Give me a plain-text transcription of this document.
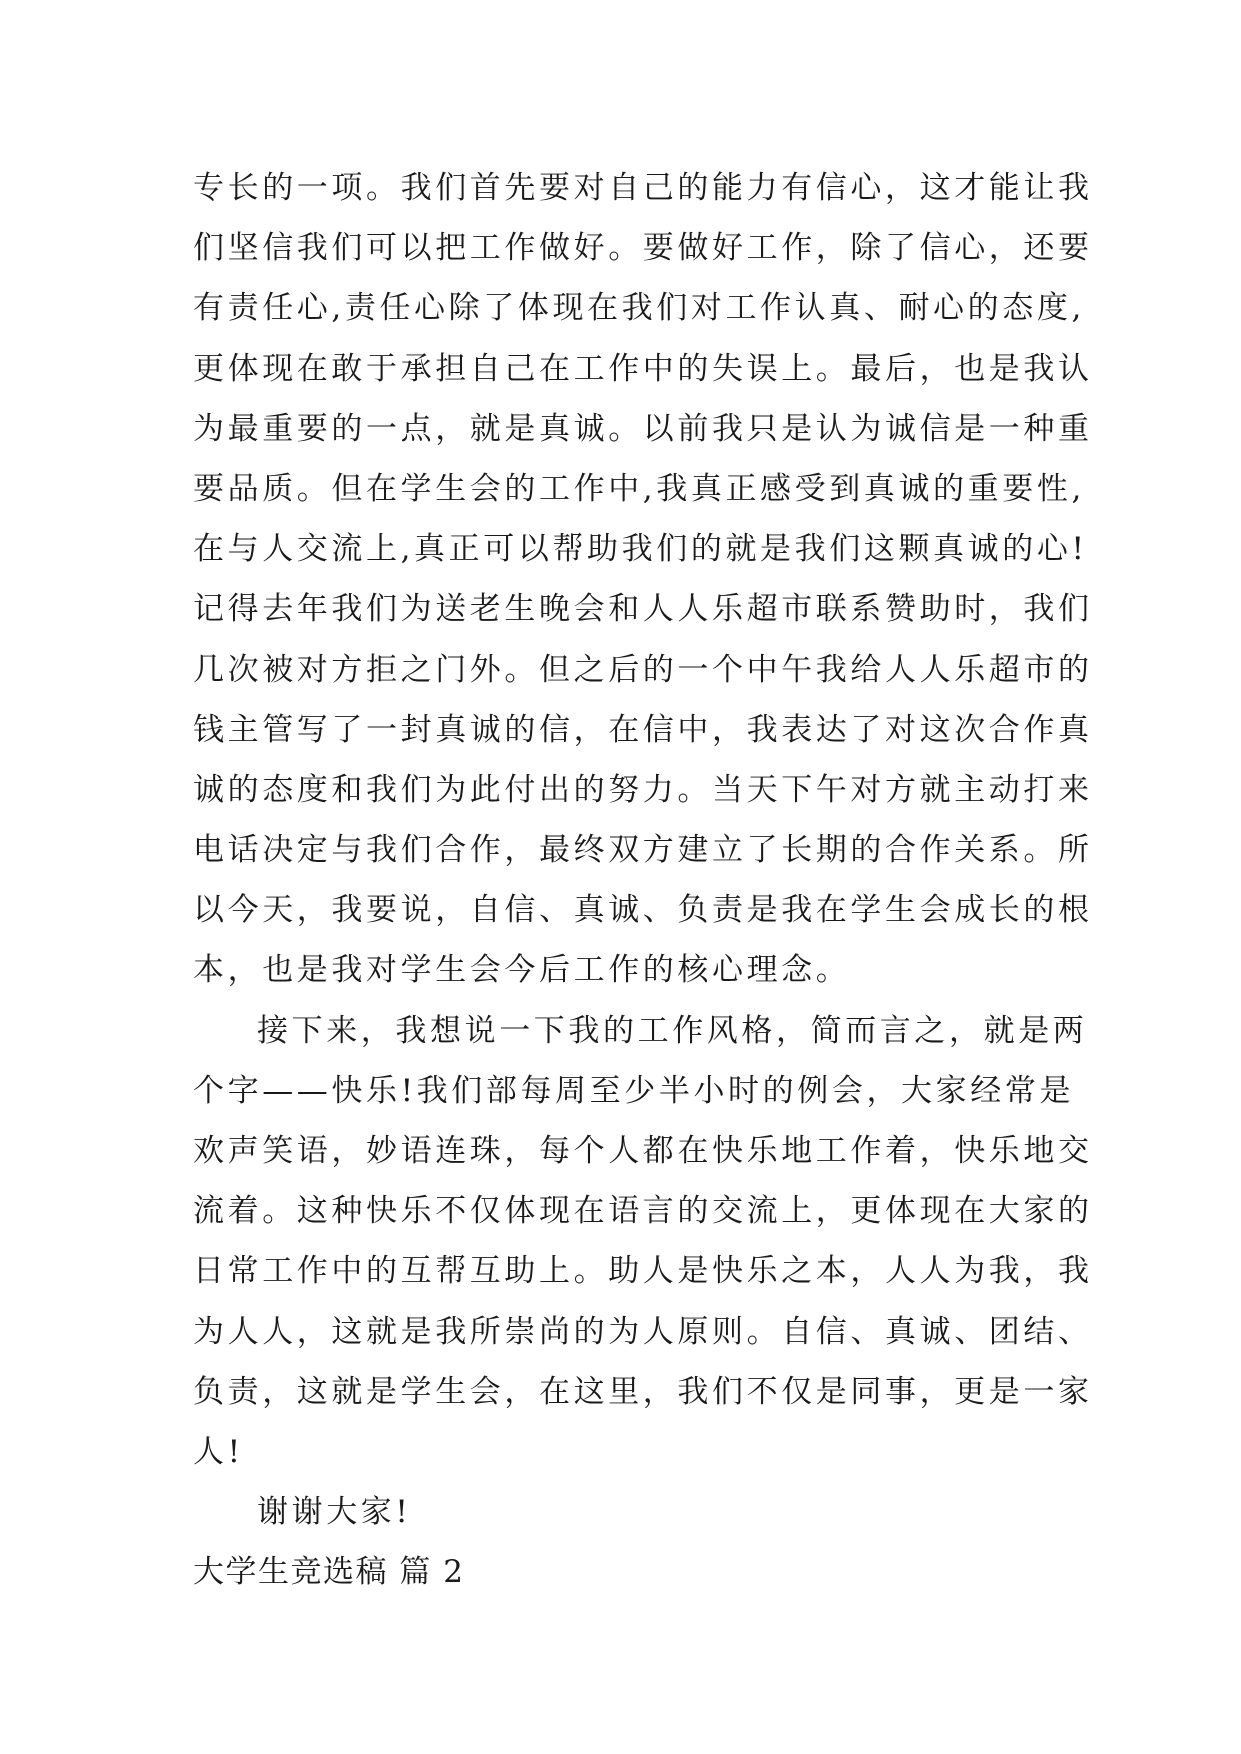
专长的一项。我们首先要对自己的能力有信心，这才能让我
们坚信我们可以把工作做好。要做好工作，除了信心，还要
有责任心,责任心除了体现在我们对工作认真、耐心的态度,
更体现在敢于承担自己在工作中的失误上。最后，也是我认
为最重要的一点，就是真诚。以前我只是认为诚信是一种重
要品质。但在学生会的工作中,我真正感受到真诚的重要性,
在与人交流上,真正可以帮助我们的就是我们这颗真诚的心!
记得去年我们为送老生晚会和人人乐超市联系赞助时，我们
几次被对方拒之门外。但之后的一个中午我给人人乐超市的
钱主管写了一封真诚的信，在信中，我表达了对这次合作真
诚的态度和我们为此付出的努力。当天下午对方就主动打来
电话决定与我们合作，最终双方建立了长期的合作关系。所
以今天，我要说，自信、真诚、负责是我在学生会成长的根
本，也是我对学生会今后工作的核心理念。
接下来，我想说一下我的工作风格，简而言之，就是两
个字——快乐!我们部每周至少半小时的例会，大家经常是
欢声笑语，妙语连珠，每个人都在快乐地工作着，快乐地交
流着。这种快乐不仅体现在语言的交流上，更体现在大家的
日常工作中的互帮互助上。助人是快乐之本，人人为我，我
为人人，这就是我所崇尚的为人原则。自信、真诚、团结、
负责，这就是学生会，在这里，我们不仅是同事，更是一家
人!
谢谢大家!
大学生竞选稿 篇 2
